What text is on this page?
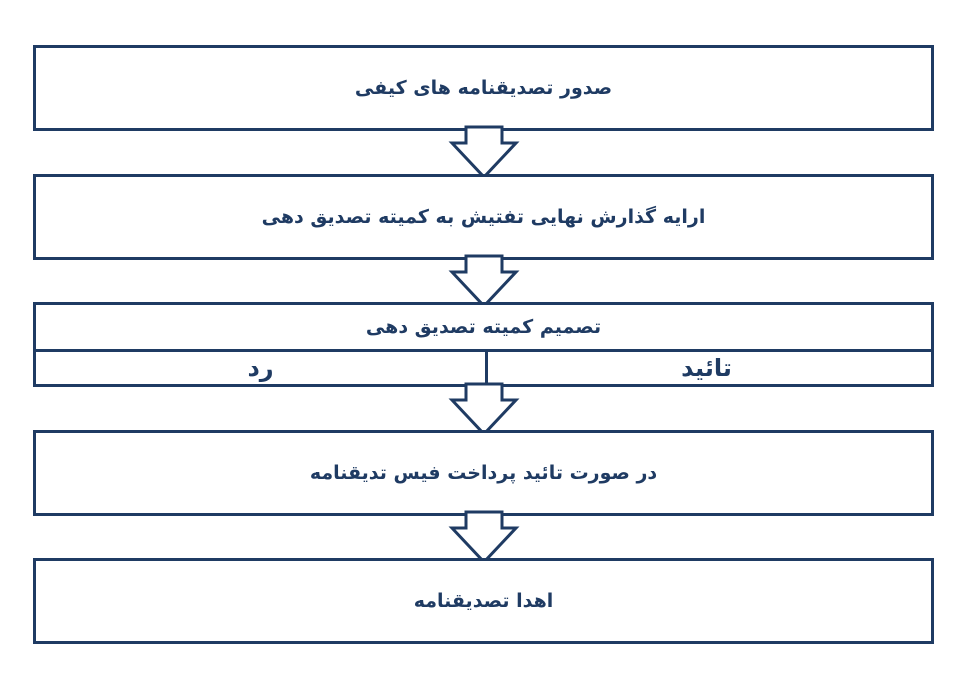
صدور تصدیقنامه های کیفی
ارایه گذارش نهایی تفتیش به کمیته تصدیق دهی
تصمیم کمیته تصدیق دهی
تائید
رد
در صورت تائید پرداخت فیس تدیقنامه
اهدا تصدیقنامه
